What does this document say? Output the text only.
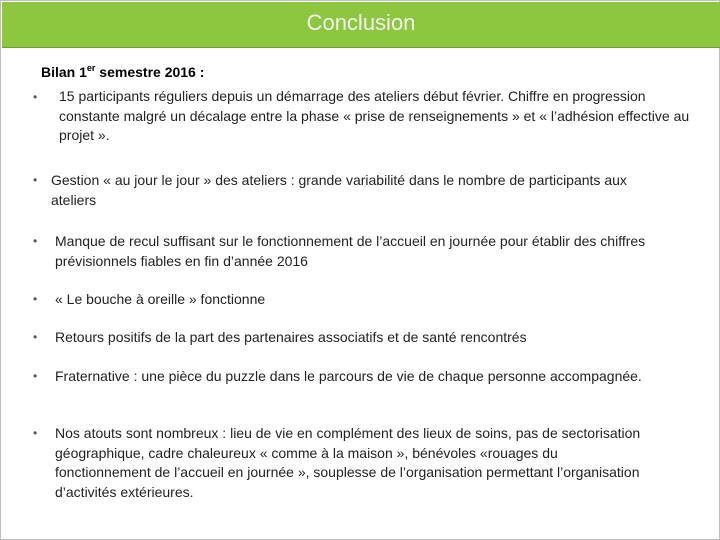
Conclusion
Bilan 1er semestre 2016 :
• 15 participants réguliers depuis un démarrage des ateliers début février. Chiffre en progression constante malgré un décalage entre la phase « prise de renseignements » et « l’adhésion effective au projet ».
• Gestion « au jour le jour » des ateliers : grande variabilité dans le nombre de participants aux ateliers
• Manque de recul suffisant sur le fonctionnement de l’accueil en journée pour établir des chiffres prévisionnels fiables en fin d’année 2016
• « Le bouche à oreille » fonctionne
• Retours positifs de la part des partenaires associatifs et de santé rencontrés
• Fraternative : une pièce du puzzle dans le parcours de vie de chaque personne accompagnée.
• Nos atouts sont nombreux : lieu de vie en complément des lieux de soins, pas de sectorisation géographique, cadre chaleureux « comme à la maison », bénévoles «rouages du fonctionnement de l’accueil en journée », souplesse de l’organisation permettant l’organisation d’activités extérieures.
